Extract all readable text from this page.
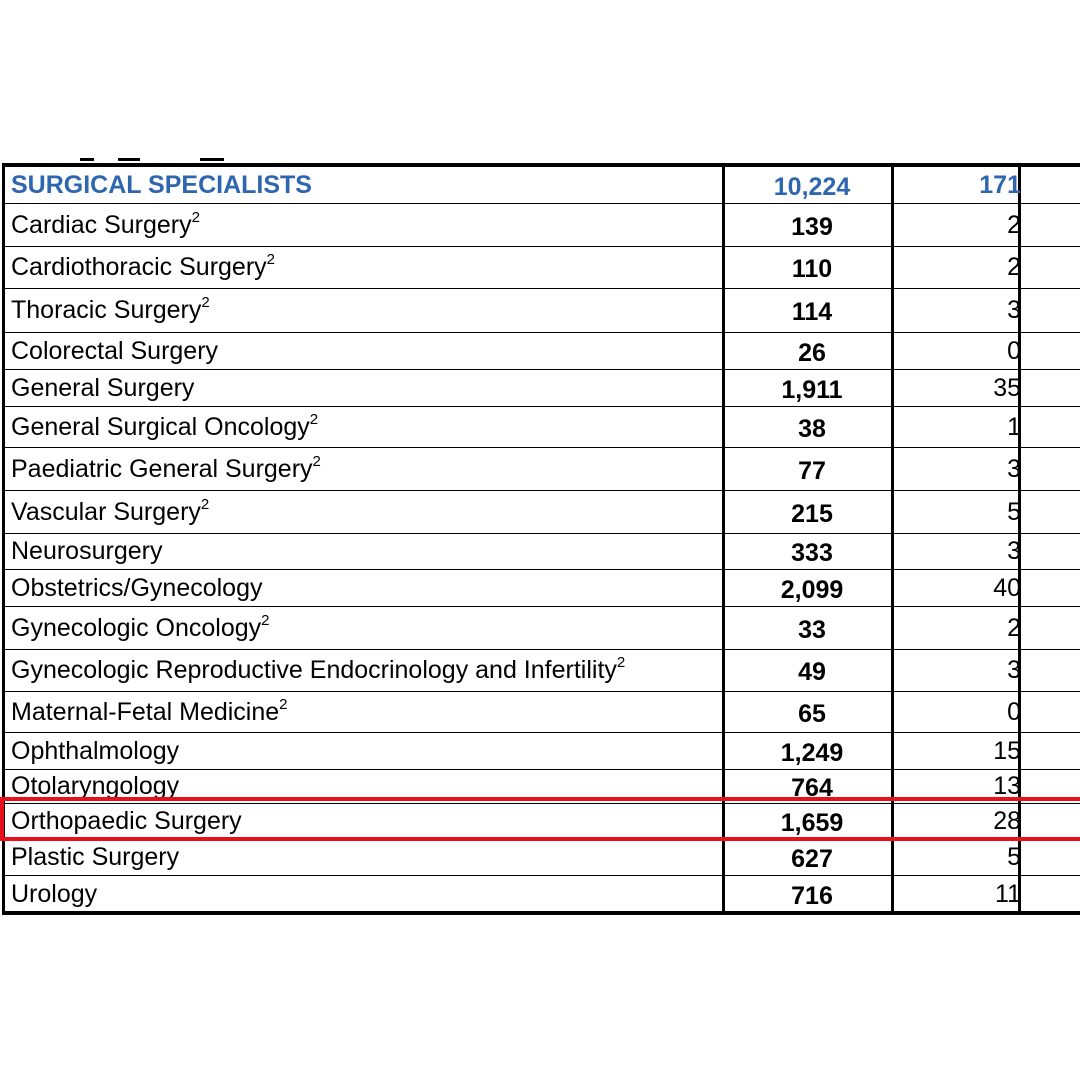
SURGICAL SPECIALISTS	10,224	171
Cardiac Surgery$^2$	139	2
Cardiothoracic Surgery$^2$	110	2
Thoracic Surgery$^2$	114	3
Colorectal Surgery	26	0
General Surgery	1,911	35
General Surgical Oncology$^2$	38	1
Paediatric General Surgery$^2$	77	3
Vascular Surgery$^2$	215	5
Neurosurgery	333	3
Obstetrics/Gynecology	2,099	40
Gynecologic Oncology$^2$	33	2
Gynecologic Reproductive Endocrinology and Infertility$^2$	49	3
Maternal-Fetal Medicine$^2$	65	0
Ophthalmology	1,249	15
Otolaryngology	764	13
Orthopaedic Surgery	1,659	28
Plastic Surgery	627	5
Urology	716	11
